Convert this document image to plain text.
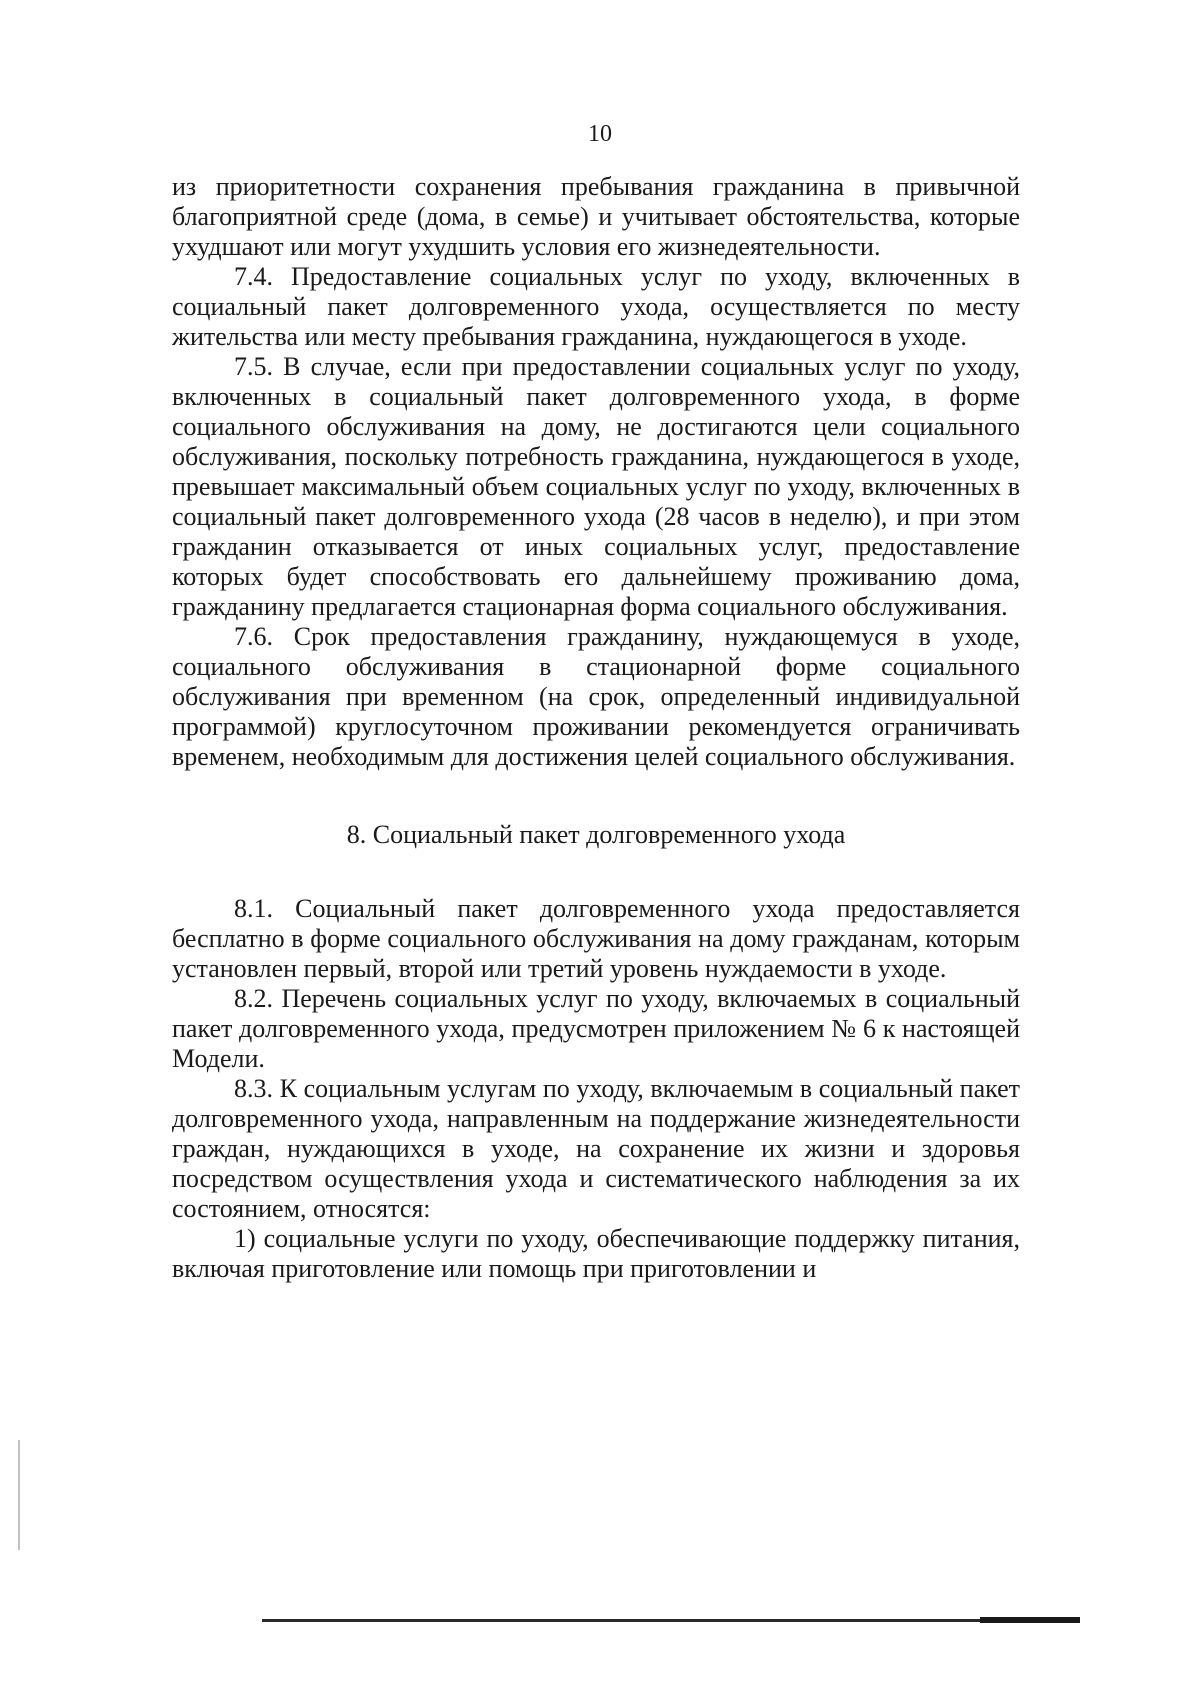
10

из приоритетности сохранения пребывания гражданина в привычной благоприятной среде (дома, в семье) и учитывает обстоятельства, которые ухудшают или могут ухудшить условия его жизнедеятельности.

7.4. Предоставление социальных услуг по уходу, включенных в социальный пакет долговременного ухода, осуществляется по месту жительства или месту пребывания гражданина, нуждающегося в уходе.

7.5. В случае, если при предоставлении социальных услуг по уходу, включенных в социальный пакет долговременного ухода, в форме социального обслуживания на дому, не достигаются цели социального обслуживания, поскольку потребность гражданина, нуждающегося в уходе, превышает максимальный объем социальных услуг по уходу, включенных в социальный пакет долговременного ухода (28 часов в неделю), и при этом гражданин отказывается от иных социальных услуг, предоставление которых будет способствовать его дальнейшему проживанию дома, гражданину предлагается стационарная форма социального обслуживания.

7.6. Срок предоставления гражданину, нуждающемуся в уходе, социального обслуживания в стационарной форме социального обслуживания при временном (на срок, определенный индивидуальной программой) круглосуточном проживании рекомендуется ограничивать временем, необходимым для достижения целей социального обслуживания.

8. Социальный пакет долговременного ухода

8.1. Социальный пакет долговременного ухода предоставляется бесплатно в форме социального обслуживания на дому гражданам, которым установлен первый, второй или третий уровень нуждаемости в уходе.

8.2. Перечень социальных услуг по уходу, включаемых в социальный пакет долговременного ухода, предусмотрен приложением № 6 к настоящей Модели.

8.3. К социальным услугам по уходу, включаемым в социальный пакет долговременного ухода, направленным на поддержание жизнедеятельности граждан, нуждающихся в уходе, на сохранение их жизни и здоровья посредством осуществления ухода и систематического наблюдения за их состоянием, относятся:

1) социальные услуги по уходу, обеспечивающие поддержку питания, включая приготовление или помощь при приготовлении и
